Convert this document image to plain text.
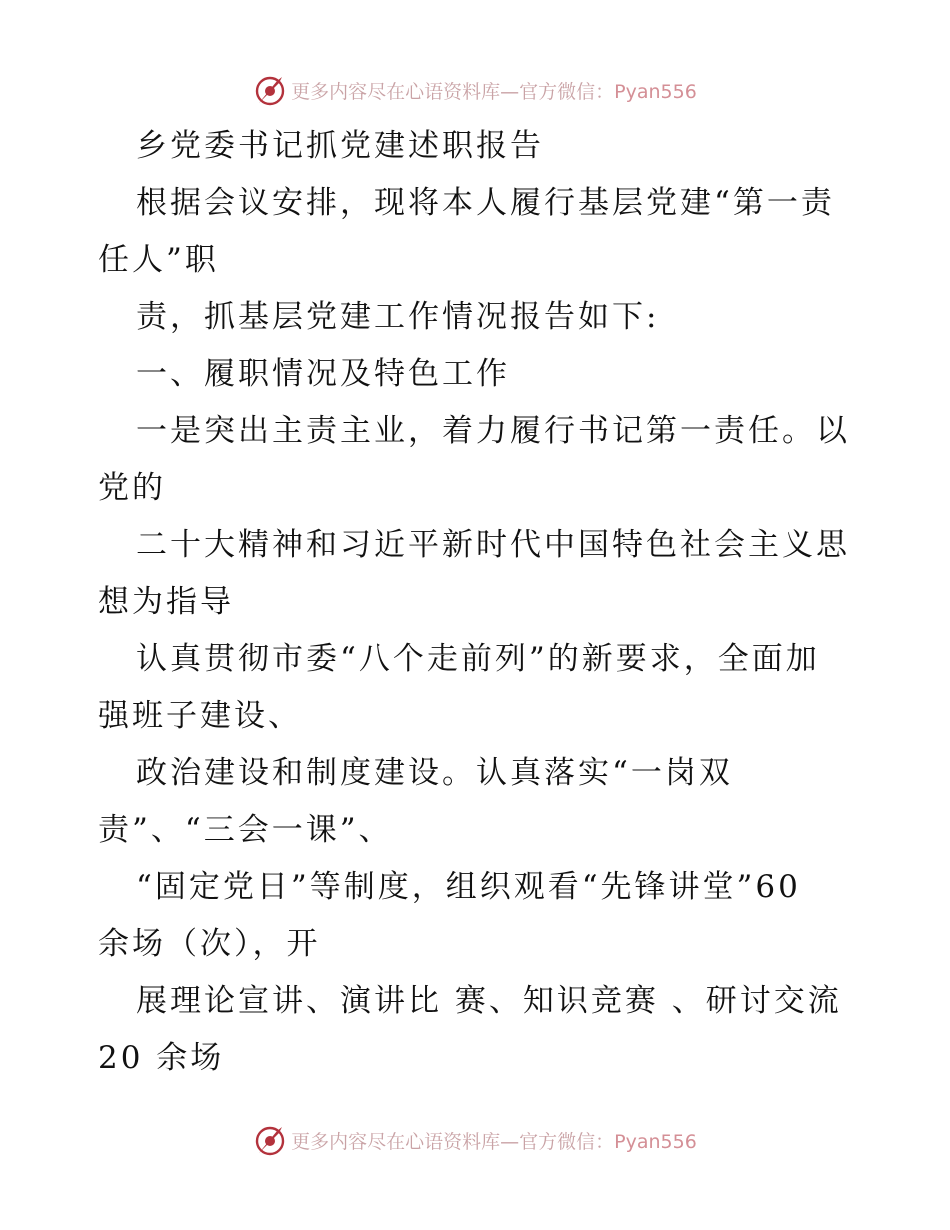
更多内容尽在心语资料库—官方微信：Pyan556

乡党委书记抓党建述职报告

根据会议安排，现将本人履行基层党建“第一责

任人”职

责，抓基层党建工作情况报告如下:

一、履职情况及特色工作

一是突出主责主业，着力履行书记第一责任。以

党的

二十大精神和习近平新时代中国特色社会主义思

想为指导

认真贯彻市委“八个走前列”的新要求，全面加

强班子建设、

政治建设和制度建设。认真落实“一岗双

责”、“三会一课”、

“固定党日”等制度，组织观看“先锋讲堂”60

余场（次），开

展理论宣讲、演讲比 赛、知识竞赛 、研讨交流

20 余场

更多内容尽在心语资料库—官方微信：Pyan556
